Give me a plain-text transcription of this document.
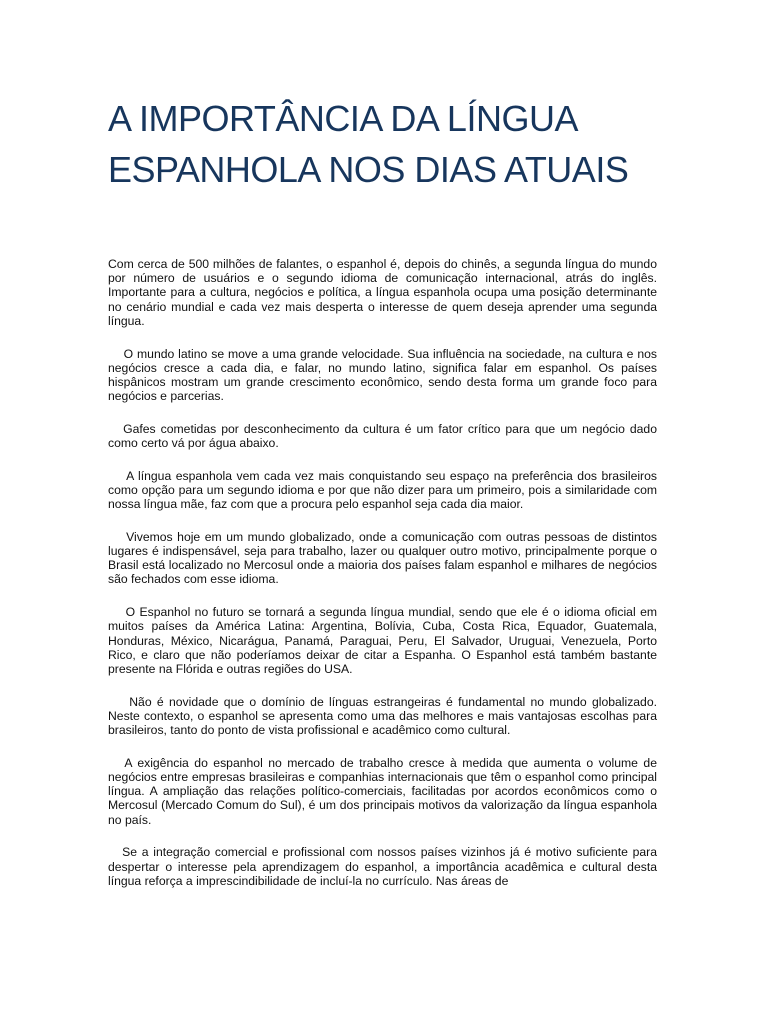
A IMPORTÂNCIA DA LÍNGUA ESPANHOLA NOS DIAS ATUAIS

Com cerca de 500 milhões de falantes, o espanhol é, depois do chinês, a segunda língua do mundo por número de usuários e o segundo idioma de comunicação internacional, atrás do inglês. Importante para a cultura, negócios e política, a língua espanhola ocupa uma posição determinante no cenário mundial e cada vez mais desperta o interesse de quem deseja aprender uma segunda língua.

O mundo latino se move a uma grande velocidade. Sua influência na sociedade, na cultura e nos negócios cresce a cada dia, e falar, no mundo latino, significa falar em espanhol. Os países hispânicos mostram um grande crescimento econômico, sendo desta forma um grande foco para negócios e parcerias.

Gafes cometidas por desconhecimento da cultura é um fator crítico para que um negócio dado como certo vá por água abaixo.

A língua espanhola vem cada vez mais conquistando seu espaço na preferência dos brasileiros como opção para um segundo idioma e por que não dizer para um primeiro, pois a similaridade com nossa língua mãe, faz com que a procura pelo espanhol seja cada dia maior.

Vivemos hoje em um mundo globalizado, onde a comunicação com outras pessoas de distintos lugares é indispensável, seja para trabalho, lazer ou qualquer outro motivo, principalmente porque o Brasil está localizado no Mercosul onde a maioria dos países falam espanhol e milhares de negócios são fechados com esse idioma.

O Espanhol no futuro se tornará a segunda língua mundial, sendo que ele é o idioma oficial em muitos países da América Latina: Argentina, Bolívia, Cuba, Costa Rica, Equador, Guatemala, Honduras, México, Nicarágua, Panamá, Paraguai, Peru, El Salvador, Uruguai, Venezuela, Porto Rico, e claro que não poderíamos deixar de citar a Espanha. O Espanhol está também bastante presente na Flórida e outras regiões do USA.

Não é novidade que o domínio de línguas estrangeiras é fundamental no mundo globalizado. Neste contexto, o espanhol se apresenta como uma das melhores e mais vantajosas escolhas para brasileiros, tanto do ponto de vista profissional e acadêmico como cultural.

A exigência do espanhol no mercado de trabalho cresce à medida que aumenta o volume de negócios entre empresas brasileiras e companhias internacionais que têm o espanhol como principal língua. A ampliação das relações político-comerciais, facilitadas por acordos econômicos como o Mercosul (Mercado Comum do Sul), é um dos principais motivos da valorização da língua espanhola no país.

Se a integração comercial e profissional com nossos países vizinhos já é motivo suficiente para despertar o interesse pela aprendizagem do espanhol, a importância acadêmica e cultural desta língua reforça a imprescindibilidade de incluí-la no currículo. Nas áreas de
